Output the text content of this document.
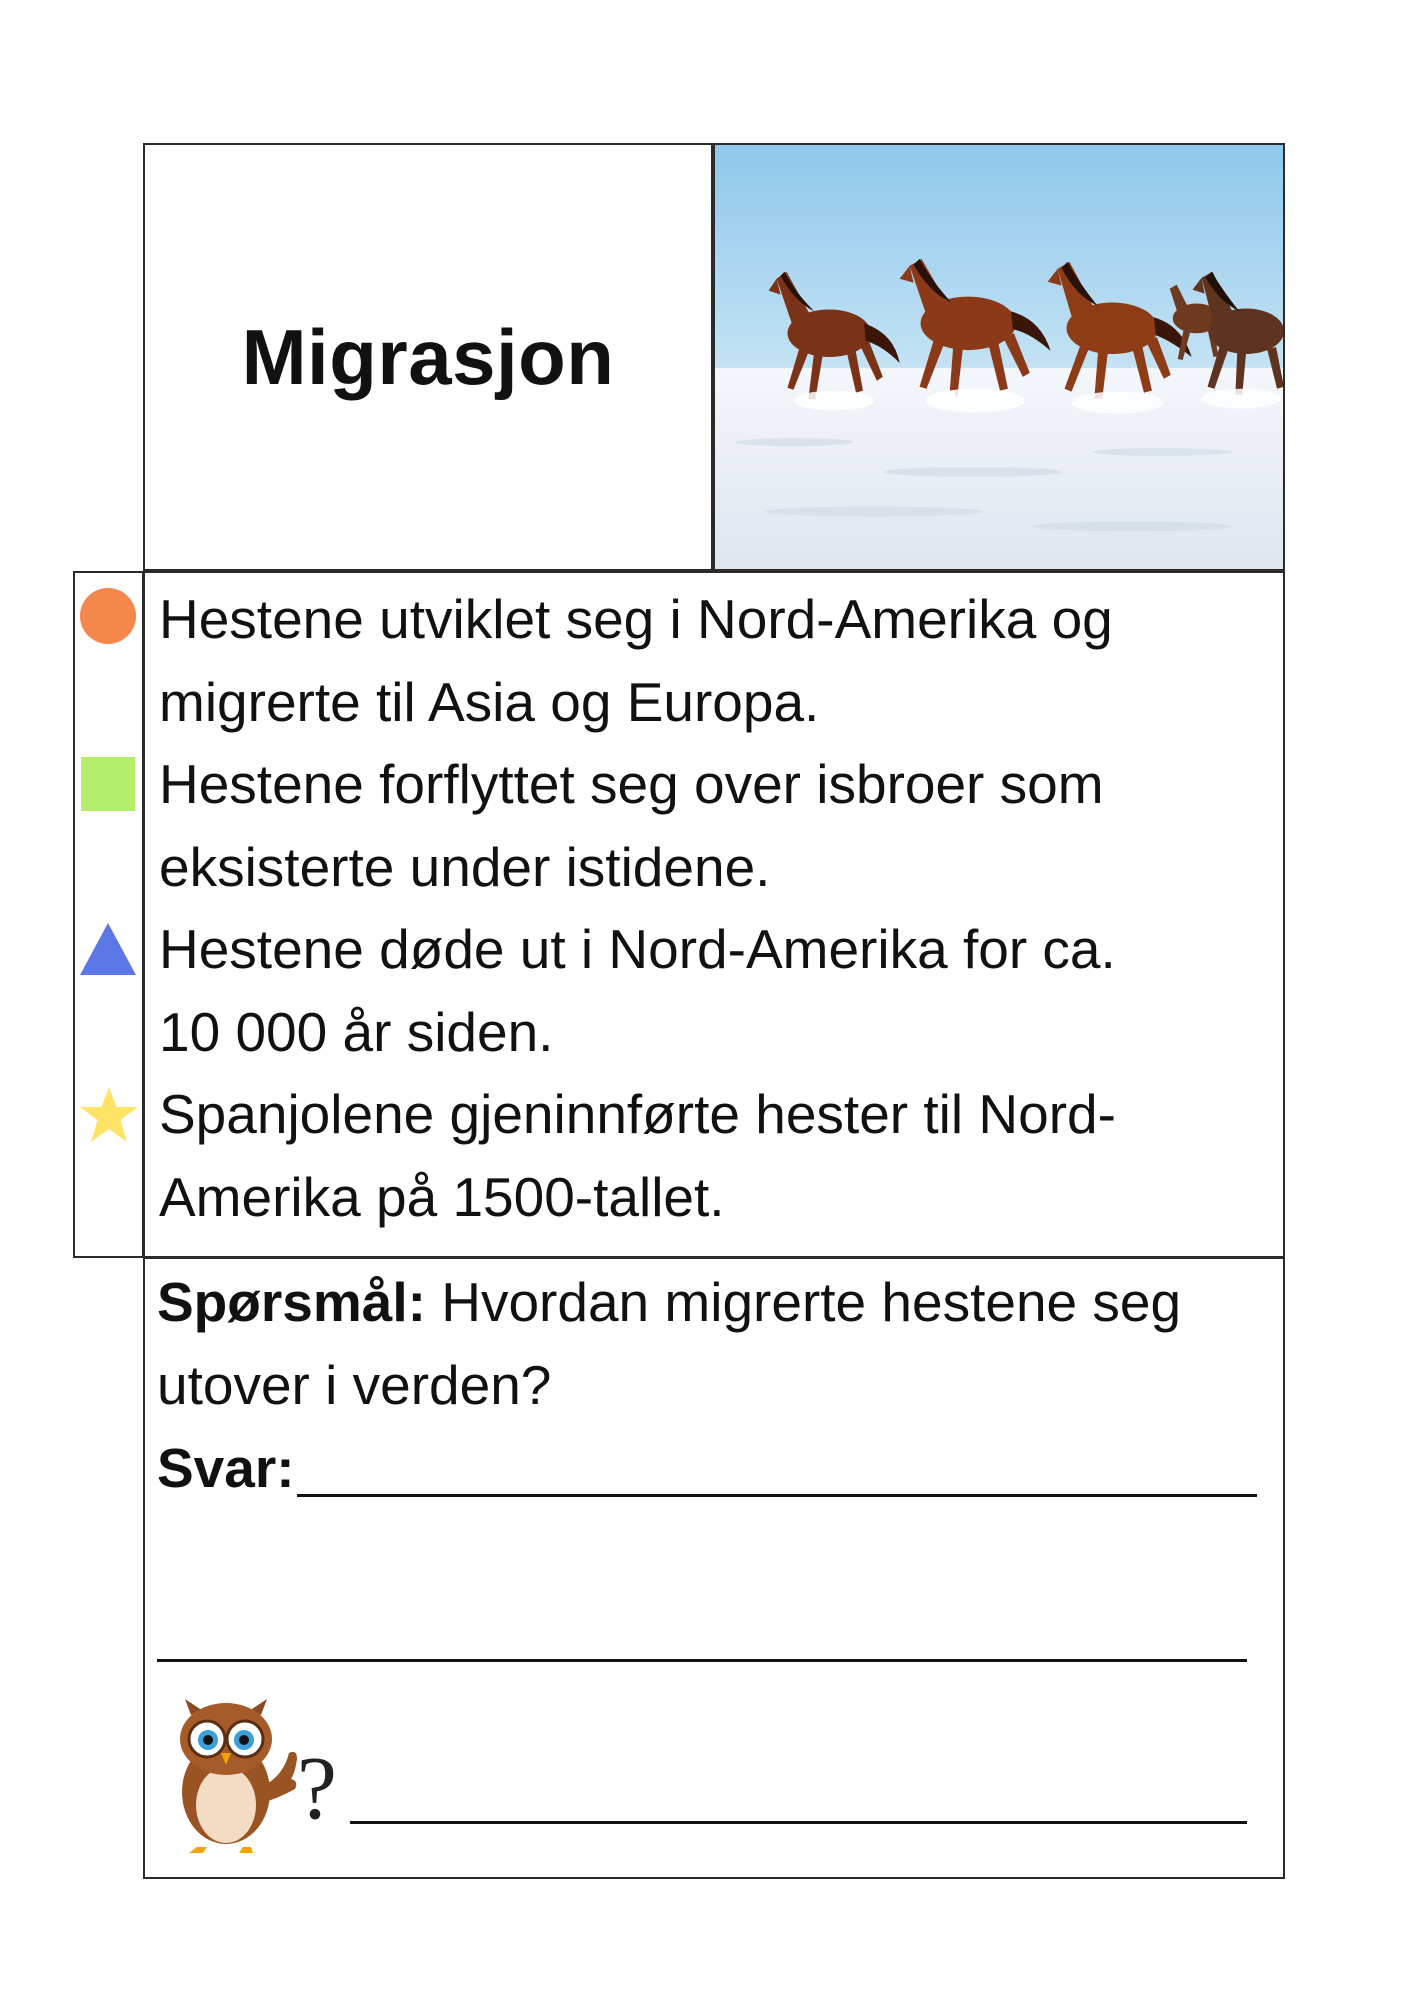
Migrasjon
Hestene utviklet seg i Nord-Amerika og
migrerte til Asia og Europa.
Hestene forflyttet seg over isbroer som
eksisterte under istidene.
Hestene døde ut i Nord-Amerika for ca.
10 000 år siden.
Spanjolene gjeninnførte hester til Nord-
Amerika på 1500-tallet.
Spørsmål: Hvordan migrerte hestene seg
utover i verden?
Svar:
?
